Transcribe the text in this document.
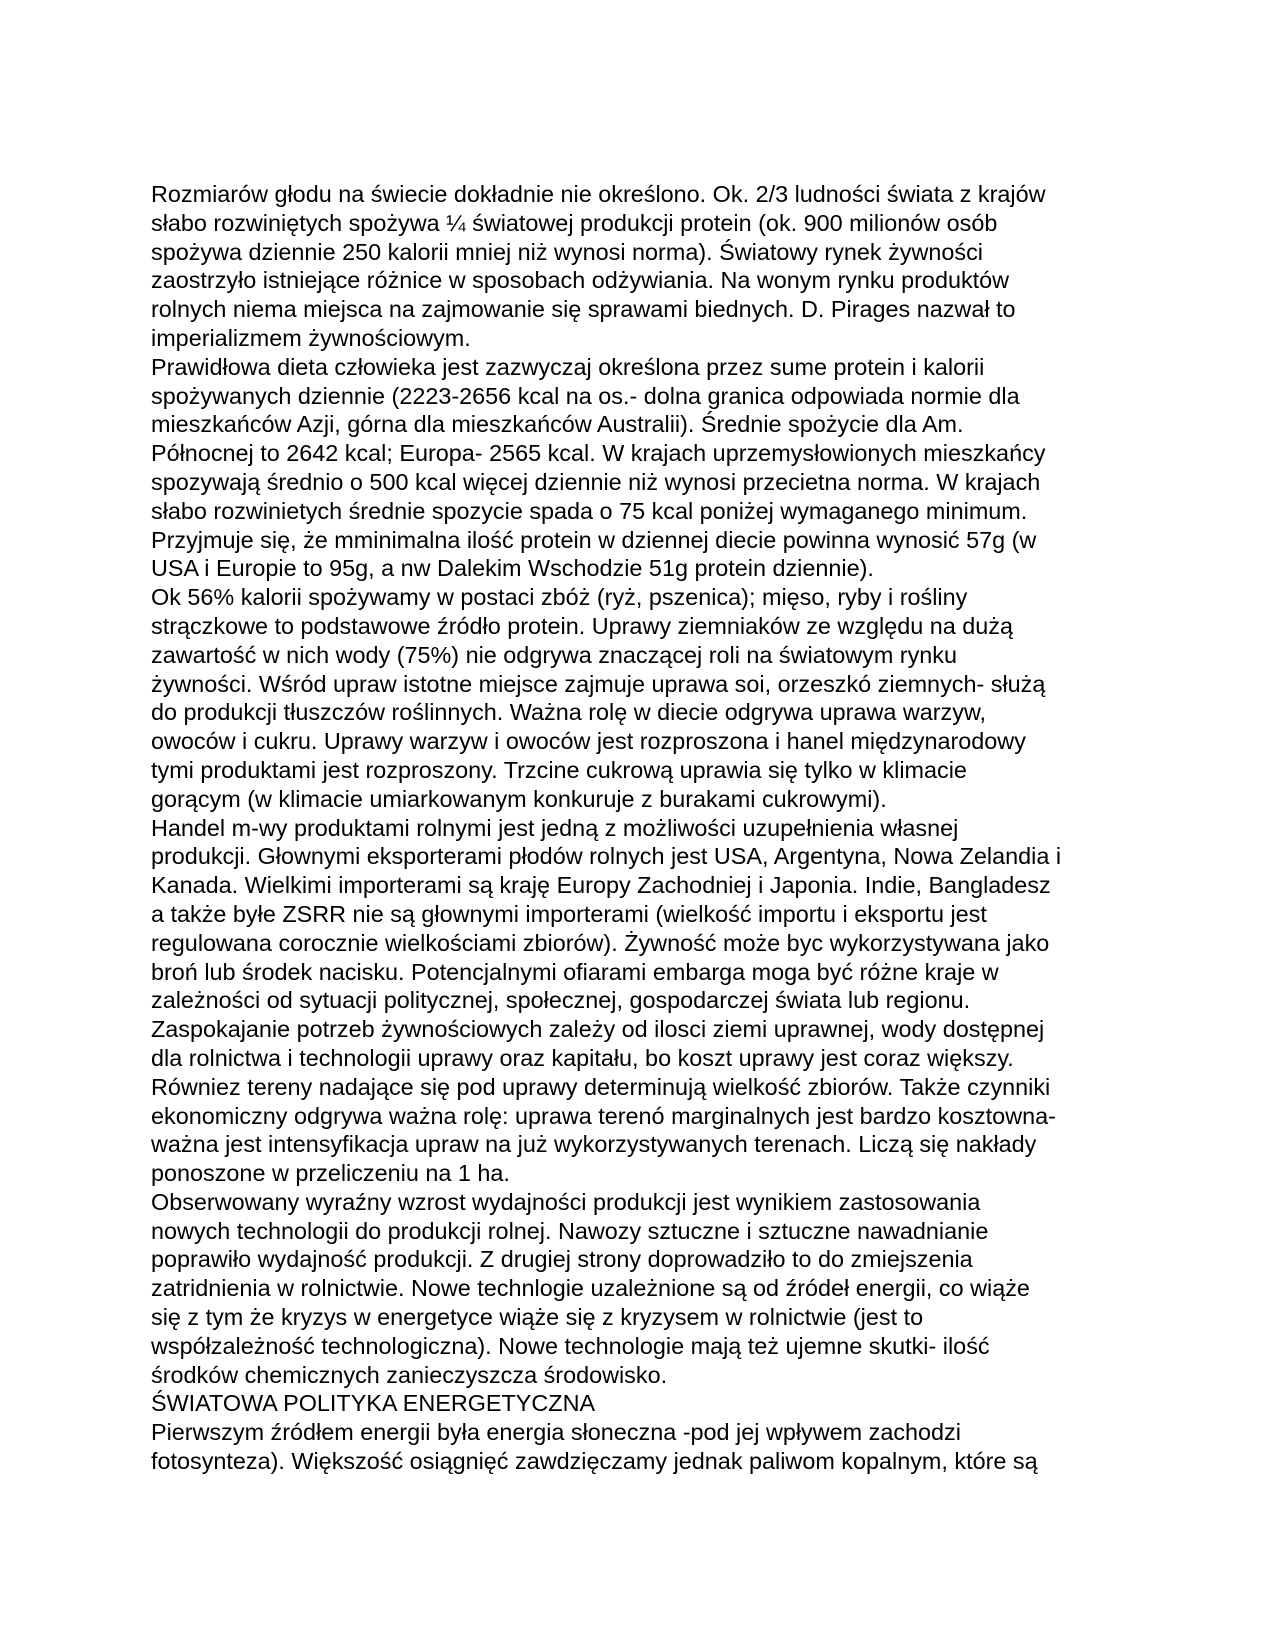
Rozmiarów głodu na świecie dokładnie nie określono. Ok. 2/3 ludności świata z krajów
słabo rozwiniętych spożywa ¼ światowej produkcji protein (ok. 900 milionów osób
spożywa dziennie 250 kalorii mniej niż wynosi norma). Światowy rynek żywności
zaostrzyło istniejące różnice w sposobach odżywiania. Na wonym rynku produktów
rolnych niema miejsca na zajmowanie się sprawami biednych. D. Pirages nazwał to
imperializmem żywnościowym.
Prawidłowa dieta człowieka jest zazwyczaj określona przez sume protein i kalorii
spożywanych dziennie (2223-2656 kcal na os.- dolna granica odpowiada normie dla
mieszkańców Azji, górna dla mieszkańców Australii). Średnie spożycie dla Am.
Północnej to 2642 kcal; Europa- 2565 kcal. W krajach uprzemysłowionych mieszkańcy
spozywają średnio o 500 kcal więcej dziennie niż wynosi przecietna norma. W krajach
słabo rozwinietych średnie spozycie spada o 75 kcal poniżej wymaganego minimum.
Przyjmuje się, że mminimalna ilość protein w dziennej diecie powinna wynosić 57g (w
USA i Europie to 95g, a nw Dalekim Wschodzie 51g protein dziennie).
Ok 56% kalorii spożywamy w postaci zbóż (ryż, pszenica); mięso, ryby i rośliny
strączkowe to podstawowe źródło protein. Uprawy ziemniaków ze względu na dużą
zawartość w nich wody (75%) nie odgrywa znaczącej roli na światowym rynku
żywności. Wśród upraw istotne miejsce zajmuje uprawa soi, orzeszkó ziemnych- służą
do produkcji tłuszczów roślinnych. Ważna rolę w diecie odgrywa uprawa warzyw,
owoców i cukru. Uprawy warzyw i owoców jest rozproszona i hanel międzynarodowy
tymi produktami jest rozproszony. Trzcine cukrową uprawia się tylko w klimacie
gorącym (w klimacie umiarkowanym konkuruje z burakami cukrowymi).
Handel m-wy produktami rolnymi jest jedną z możliwości uzupełnienia własnej
produkcji. Głownymi eksporterami płodów rolnych jest USA, Argentyna, Nowa Zelandia i
Kanada. Wielkimi importerami są kraję Europy Zachodniej i Japonia. Indie, Bangladesz
a także byłe ZSRR nie są głownymi importerami (wielkość importu i eksportu jest
regulowana corocznie wielkościami zbiorów). Żywność może byc wykorzystywana jako
broń lub środek nacisku. Potencjalnymi ofiarami embarga moga być różne kraje w
zależności od sytuacji politycznej, społecznej, gospodarczej świata lub regionu.
Zaspokajanie potrzeb żywnościowych zależy od ilosci ziemi uprawnej, wody dostępnej
dla rolnictwa i technologii uprawy oraz kapitału, bo koszt uprawy jest coraz większy.
Równiez tereny nadające się pod uprawy determinują wielkość zbiorów. Także czynniki
ekonomiczny odgrywa ważna rolę: uprawa terenó marginalnych jest bardzo kosztowna-
ważna jest intensyfikacja upraw na już wykorzystywanych terenach. Liczą się nakłady
ponoszone w przeliczeniu na 1 ha.
Obserwowany wyraźny wzrost wydajności produkcji jest wynikiem zastosowania
nowych technologii do produkcji rolnej. Nawozy sztuczne i sztuczne nawadnianie
poprawiło wydajność produkcji. Z drugiej strony doprowadziło to do zmiejszenia
zatridnienia w rolnictwie. Nowe technlogie uzależnione są od źródeł energii, co wiąże
się z tym że kryzys w energetyce wiąże się z kryzysem w rolnictwie (jest to
współzależność technologiczna). Nowe technologie mają też ujemne skutki- ilość
środków chemicznych zanieczyszcza środowisko.
ŚWIATOWA POLITYKA ENERGETYCZNA
Pierwszym źródłem energii była energia słoneczna -pod jej wpływem zachodzi
fotosynteza). Większość osiągnięć zawdzięczamy jednak paliwom kopalnym, które są
